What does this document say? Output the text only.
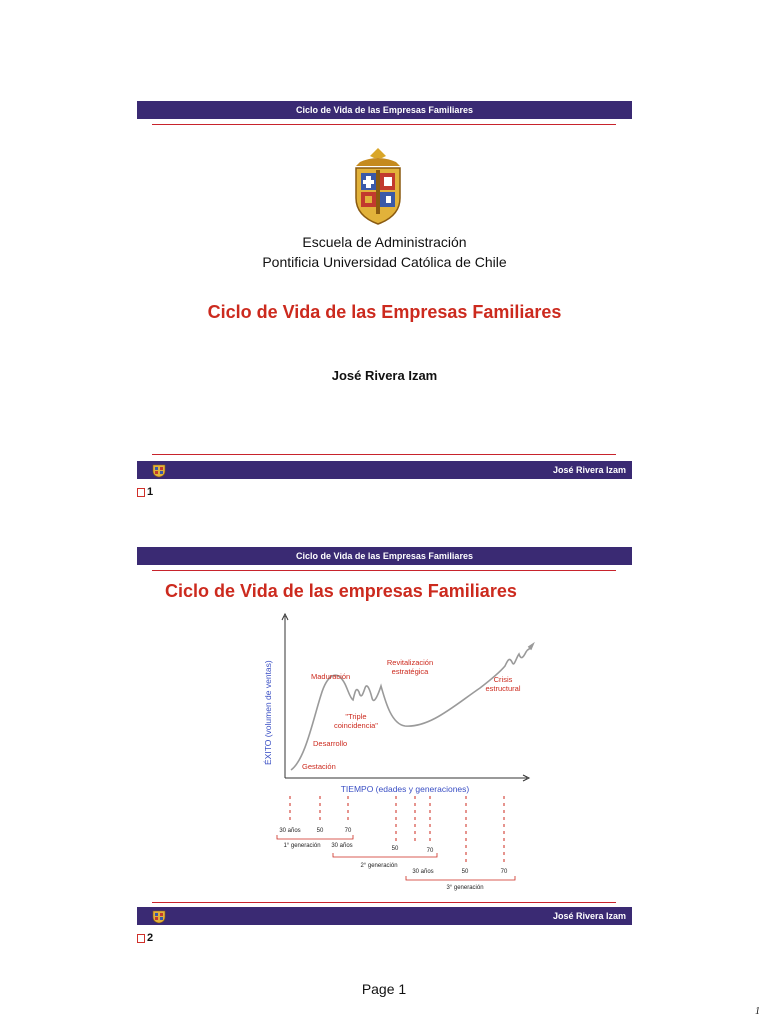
Ciclo de Vida de las Empresas Familiares
Escuela de Administración
Pontificia Universidad Católica de Chile
Ciclo de Vida de las Empresas Familiares
José Rivera Izam
José Rivera Izam
1
Ciclo de Vida de las Empresas Familiares
Ciclo de Vida de las empresas Familiares
ÉXITO (volumen de ventas)
TIEMPO (edades y generaciones)
Gestación
Desarrollo
Maduración
"Triple
coincidencia"
Revitalización
estratégica
Crisis
estructural
30 años	50	70
1° generación 30 años	50	70
2° generación
30 años	50	70
3° generación
José Rivera Izam
2
Page 1
1
